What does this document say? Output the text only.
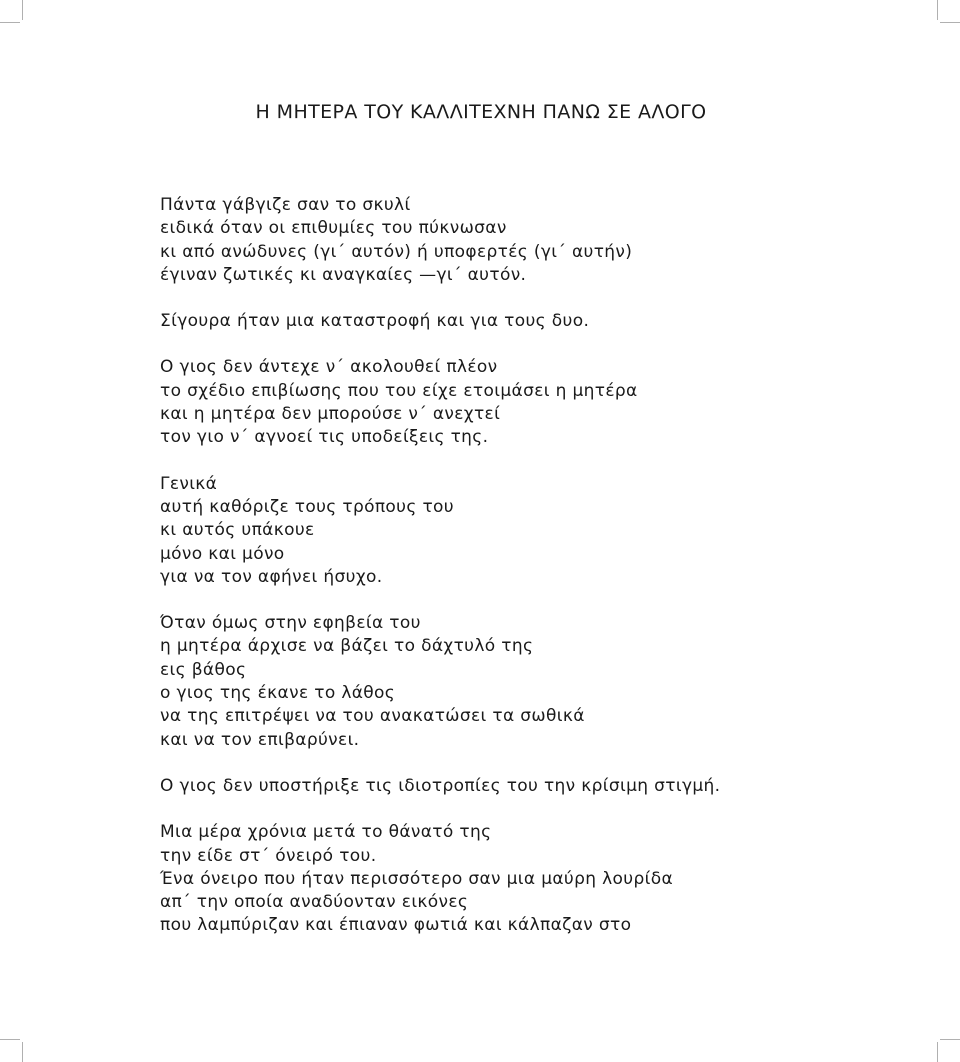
Η ΜΗΤΕΡΑ ΤΟΥ ΚΑΛΛΙΤΕΧΝΗ ΠΑΝΩ ΣΕ ΑΛΟΓΟ
Πάντα γάβγιζε σαν το σκυλί
ειδικά όταν οι επιθυμίες του πύκνωσαν
κι από ανώδυνες (γι΄ αυτόν) ή υποφερτές (γι΄ αυτήν)
έγιναν ζωτικές κι αναγκαίες —γι΄ αυτόν.
Σίγουρα ήταν μια καταστροφή και για τους δυο.
Ο γιος δεν άντεχε ν΄ ακολουθεί πλέον
το σχέδιο επιβίωσης που του είχε ετοιμάσει η μητέρα
και η μητέρα δεν μπορούσε ν΄ ανεχτεί
τον γιο ν΄ αγνοεί τις υποδείξεις της.
Γενικά
αυτή καθόριζε τους τρόπους του
κι αυτός υπάκουε
μόνο και μόνο
για να τον αφήνει ήσυχο.
Όταν όμως στην εφηβεία του
η μητέρα άρχισε να βάζει το δάχτυλό της
εις βάθος
ο γιος της έκανε το λάθος
να της επιτρέψει να του ανακατώσει τα σωθικά
και να τον επιβαρύνει.
Ο γιος δεν υποστήριξε τις ιδιοτροπίες του την κρίσιμη στιγμή.
Μια μέρα χρόνια μετά το θάνατό της
την είδε στ΄ όνειρό του.
Ένα όνειρο που ήταν περισσότερο σαν μια μαύρη λουρίδα
απ΄ την οποία αναδύονταν εικόνες
που λαμπύριζαν και έπιαναν φωτιά και κάλπαζαν στο
